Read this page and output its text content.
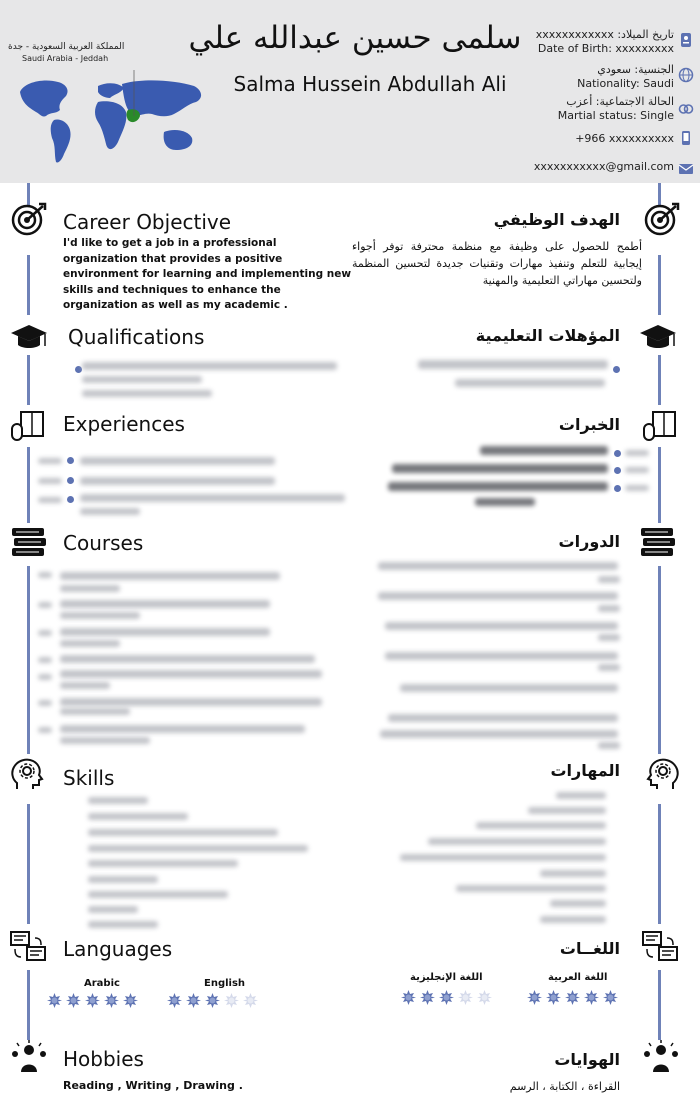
المملكة العربية السعودية - جدة
Saudi Arabia - Jeddah
سلمى حسين عبدالله علي
Salma Hussein Abdullah Ali
تاريخ الميلاد: xxxxxxxxxxxx
Date of Birth: xxxxxxxxx
الجنسية: سعودي
Nationality: Saudi
الحالة الاجتماعية: أعزب
Martial status: Single
+966 xxxxxxxxxx
xxxxxxxxxxx@gmail.com
Career Objective	الهدف الوظيفي
I'd like to get a job in a professional organization that provides a positive environment for learning and implementing new skills and techniques to enhance the organization as well as my academic .
أطمح للحصول على وظيفة مع منظمة محترفة توفر أجواء إيجابية للتعلم وتنفيذ مهارات وتقنيات جديدة لتحسين المنظمة ولتحسين مهاراتي التعليمية والمهنية
Qualifications	المؤهلات التعليمية
Experiences	الخبرات
Courses	الدورات
Skills	المهارات
Languages	اللغــات
Arabic	English
اللغة العربية
اللغة الإنجليزية
Hobbies	الهوايات
Reading , Writing , Drawing .	القراءة ، الكتابة ، الرسم
